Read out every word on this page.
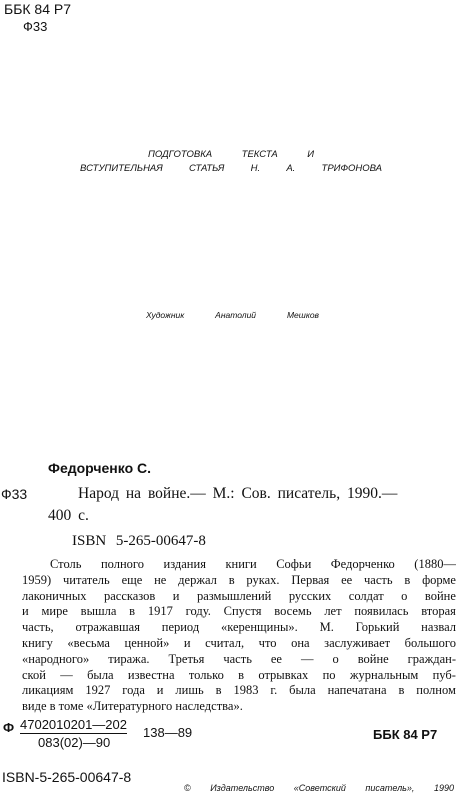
ББК 84 Р7
Ф33
ПОДГОТОВКА	ТЕКСТА	И
ВСТУПИТЕЛЬНАЯ	СТАТЬЯ	Н.	А.	ТРИФОНОВА
Художник	Анатолий	Мешков
Федорченко С.
Ф33	Народ на войне.— М.: Сов. писатель, 1990.—
400 с.
ISBN 5-265-00647-8
Столь полного издания книги Софьи Федорченко (1880—
1959) читатель еще не держал в руках. Первая ее часть в форме
лаконичных рассказов и размышлений русских солдат о войне
и мире вышла в 1917 году. Спустя восемь лет появилась вторая
часть, отражавшая период «керенщины». М. Горький назвал
книгу «весьма ценной» и считал, что она заслуживает большого
«народного» тиража. Третья часть ее — о войне граждан-
ской — была известна только в отрывках по журнальным пуб-
ликациям 1927 года и лишь в 1983 г. была напечатана в полном
виде в томе «Литературного наследства».
Ф 4702010201—202
083(02)—90
138—89	ББК 84 Р7
ISBN-5-265-00647-8
© Издательство «Советский писатель», 1990
